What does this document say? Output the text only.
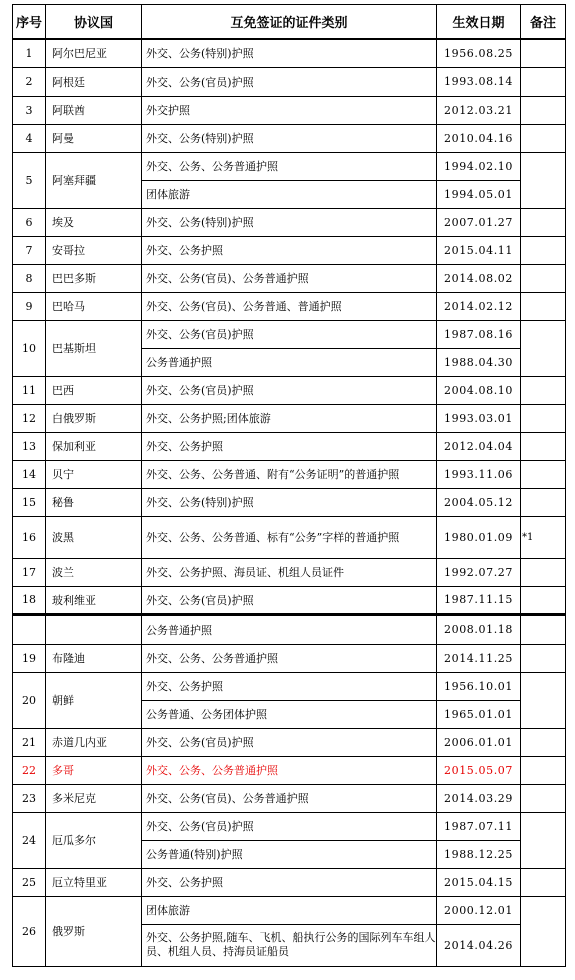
序号	协议国	互免签证的证件类别	生效日期	备注
1	阿尔巴尼亚	外交、公务(特别)护照	1956.08.25	
2	阿根廷	外交、公务(官员)护照	1993.08.14	
3	阿联酋	外交护照	2012.03.21	
4	阿曼	外交、公务(特别)护照	2010.04.16	
5	阿塞拜疆	外交、公务、公务普通护照	1994.02.10	
		团体旅游	1994.05.01	
6	埃及	外交、公务(特别)护照	2007.01.27	
7	安哥拉	外交、公务护照	2015.04.11	
8	巴巴多斯	外交、公务(官员)、公务普通护照	2014.08.02	
9	巴哈马	外交、公务(官员)、公务普通、普通护照	2014.02.12	
10	巴基斯坦	外交、公务(官员)护照	1987.08.16	
		公务普通护照	1988.04.30	
11	巴西	外交、公务(官员)护照	2004.08.10	
12	白俄罗斯	外交、公务护照;团体旅游	1993.03.01	
13	保加利亚	外交、公务护照	2012.04.04	
14	贝宁	外交、公务、公务普通、附有“公务证明”的普通护照	1993.11.06	
15	秘鲁	外交、公务(特别)护照	2004.05.12	
16	波黑	外交、公务、公务普通、标有“公务”字样的普通护照	1980.01.09	*1
17	波兰	外交、公务护照、海员证、机组人员证件	1992.07.27	
18	玻利维亚	外交、公务(官员)护照	1987.11.15	
		公务普通护照	2008.01.18	
19	布隆迪	外交、公务、公务普通护照	2014.11.25	
20	朝鲜	外交、公务护照	1956.10.01	
		公务普通、公务团体护照	1965.01.01	
21	赤道几内亚	外交、公务(官员)护照	2006.01.01	
22	多哥	外交、公务、公务普通护照	2015.05.07	
23	多米尼克	外交、公务(官员)、公务普通护照	2014.03.29	
24	厄瓜多尔	外交、公务(官员)护照	1987.07.11	
		公务普通(特别)护照	1988.12.25	
25	厄立特里亚	外交、公务护照	2015.04.15	
26	俄罗斯	团体旅游	2000.12.01	
		外交、公务护照,随车、飞机、船执行公务的国际列车车组人员、机组人员、持海员证船员	2014.04.26	
